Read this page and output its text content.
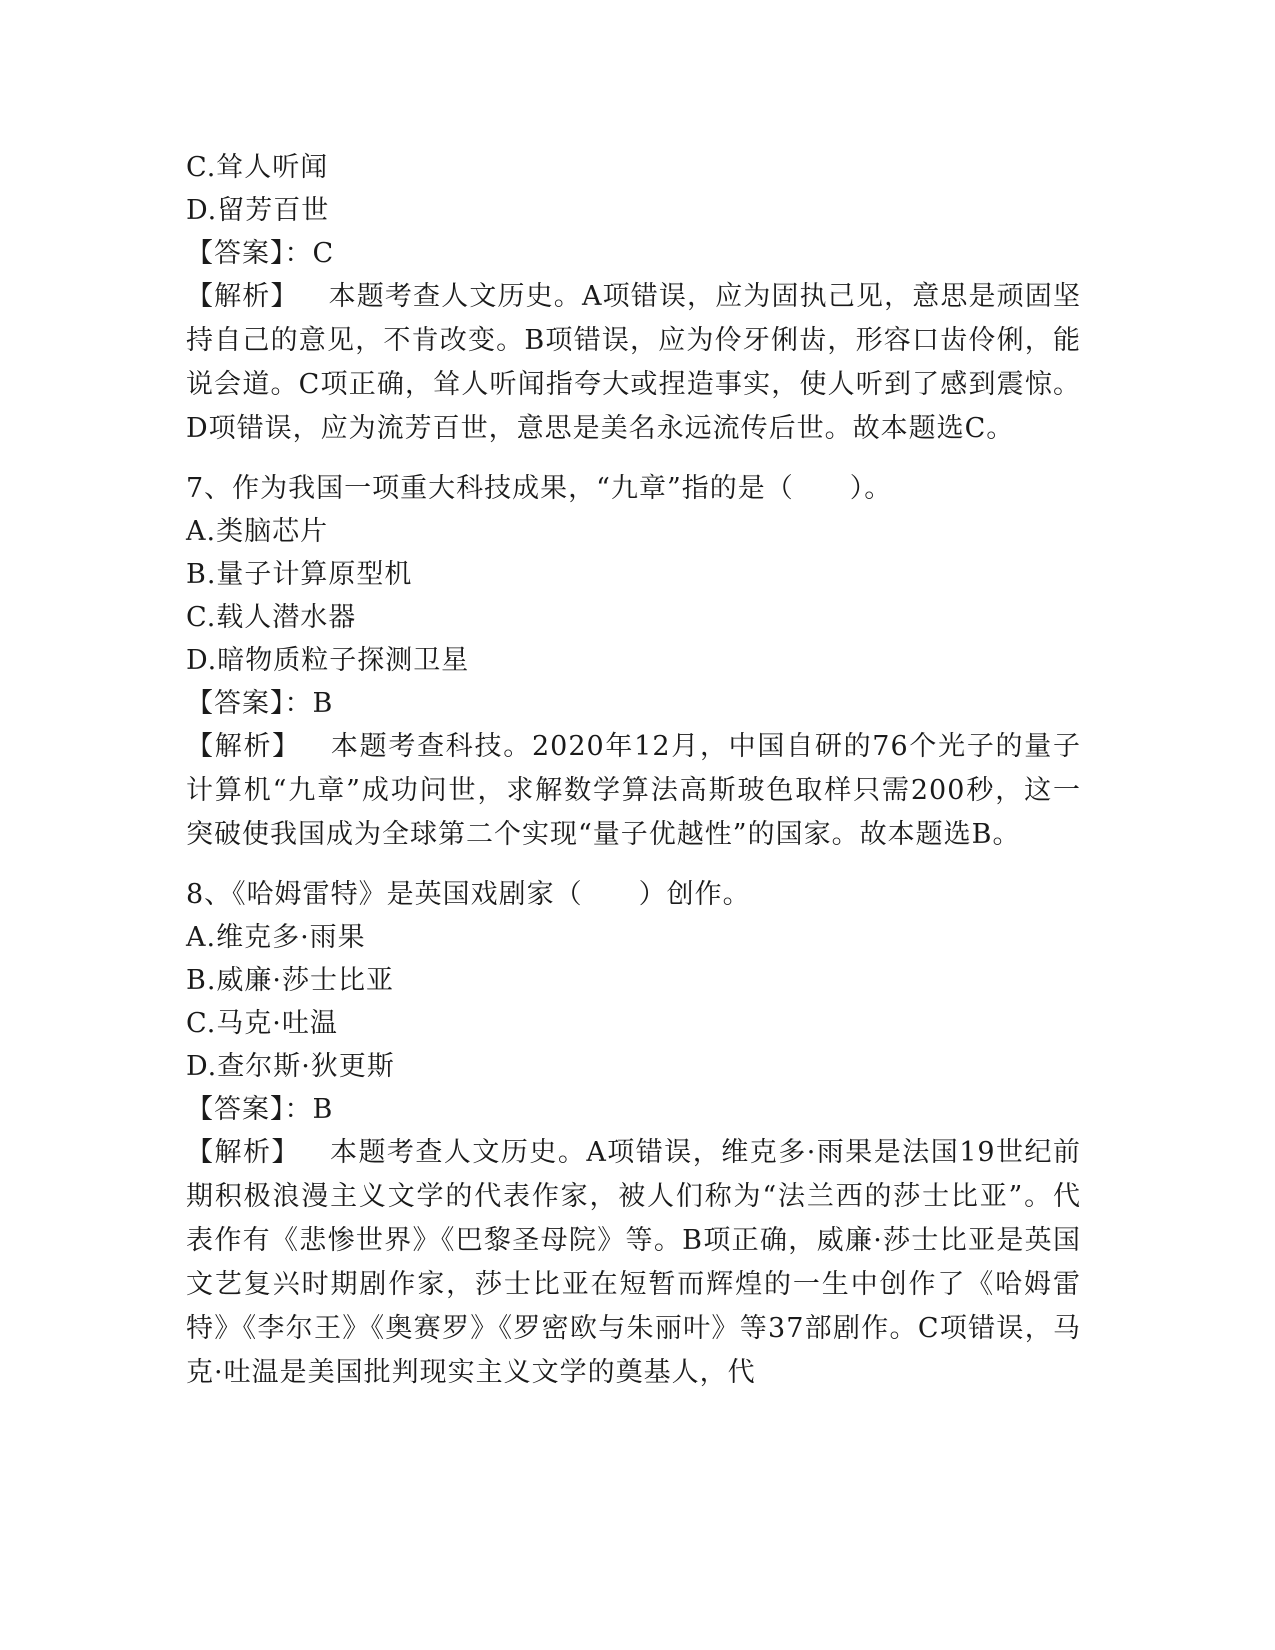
C.耸人听闻

D.留芳百世

【答案】：C

【解析】 本题考查人文历史。A项错误，应为固执己见，意思是顽固坚持自己的意见，不肯改变。B项错误，应为伶牙俐齿，形容口齿伶俐，能说会道。C项正确，耸人听闻指夸大或捏造事实，使人听到了感到震惊。D项错误，应为流芳百世，意思是美名永远流传后世。故本题选C。

7、作为我国一项重大科技成果，“九章”指的是（　　）。

A.类脑芯片

B.量子计算原型机

C.载人潜水器

D.暗物质粒子探测卫星

【答案】：B

【解析】 本题考查科技。2020年12月，中国自研的76个光子的量子计算机“九章”成功问世，求解数学算法高斯玻色取样只需200秒，这一突破使我国成为全球第二个实现“量子优越性”的国家。故本题选B。

8、《哈姆雷特》是英国戏剧家（　　）创作。

A.维克多·雨果

B.威廉·莎士比亚

C.马克·吐温

D.查尔斯·狄更斯

【答案】：B

【解析】 本题考查人文历史。A项错误，维克多·雨果是法国19世纪前期积极浪漫主义文学的代表作家，被人们称为“法兰西的莎士比亚”。代表作有《悲惨世界》《巴黎圣母院》等。B项正确，威廉·莎士比亚是英国文艺复兴时期剧作家，莎士比亚在短暂而辉煌的一生中创作了《哈姆雷特》《李尔王》《奥赛罗》《罗密欧与朱丽叶》等37部剧作。C项错误，马克·吐温是美国批判现实主义文学的奠基人，代
